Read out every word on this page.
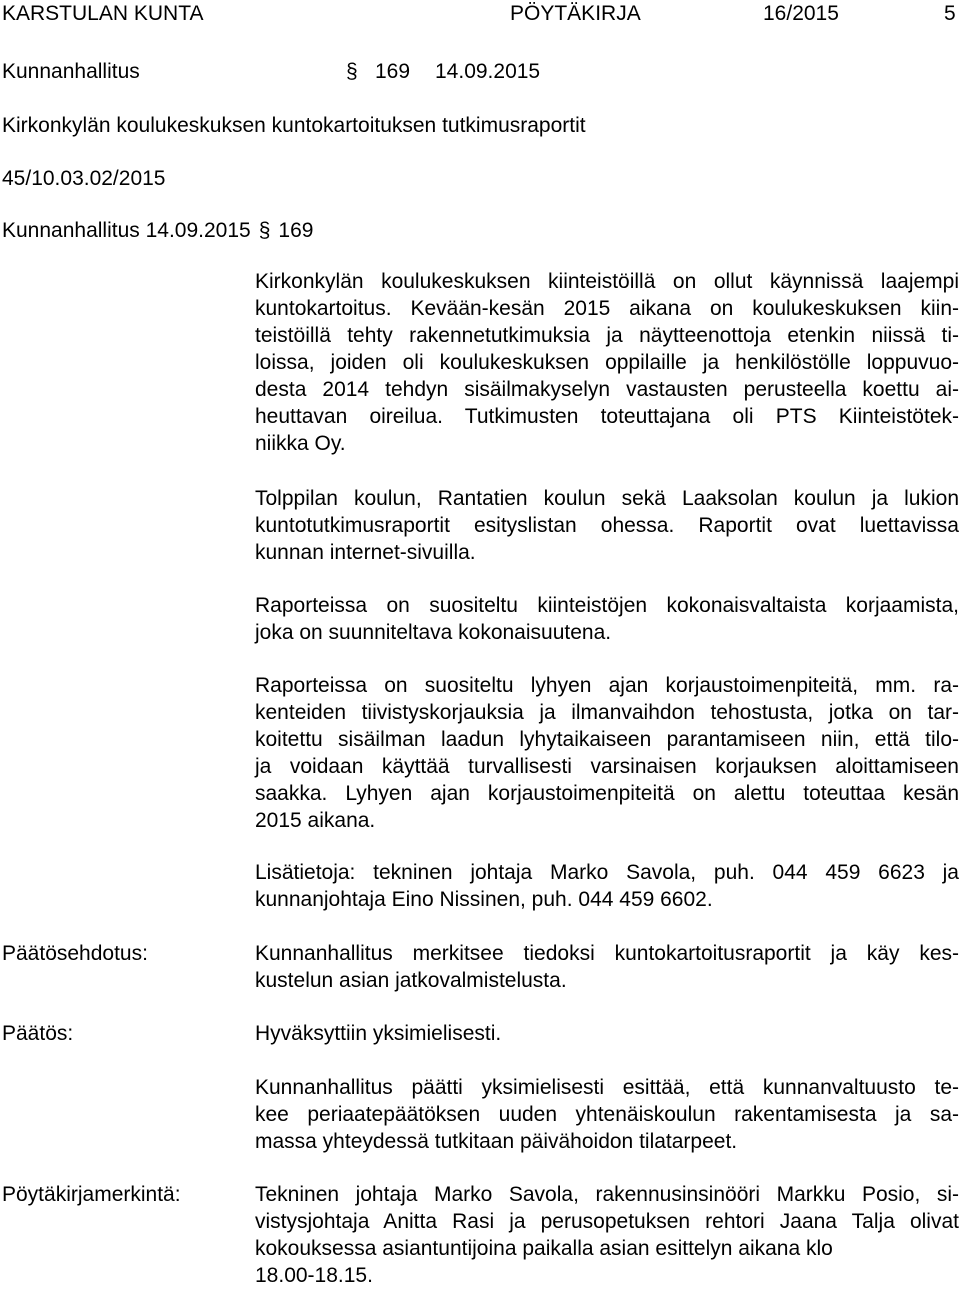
KARSTULAN KUNTA	PÖYTÄKIRJA	16/2015	5
Kunnanhallitus	§ 169 14.09.2015

Kirkonkylän koulukeskuksen kuntokartoituksen tutkimusraportit

45/10.03.02/2015

Kunnanhallitus 14.09.2015 § 169

Kirkonkylän koulukeskuksen kiinteistöillä on ollut käynnissä laajempi
kuntokartoitus. Kevään-kesän 2015 aikana on koulukeskuksen kiin-
teistöillä tehty rakennetutkimuksia ja näytteenottoja etenkin niissä ti-
loissa, joiden oli koulukeskuksen oppilaille ja henkilöstölle loppuvuo-
desta 2014 tehdyn sisäilmakyselyn vastausten perusteella koettu ai-
heuttavan oireilua. Tutkimusten toteuttajana oli PTS Kiinteistötek-
niikka Oy.
Tolppilan koulun, Rantatien koulun sekä Laaksolan koulun ja lukion
kuntotutkimusraportit esityslistan ohessa. Raportit ovat luettavissa
kunnan internet-sivuilla.
Raporteissa on suositeltu kiinteistöjen kokonaisvaltaista korjaamista,
joka on suunniteltava kokonaisuutena.
Raporteissa on suositeltu lyhyen ajan korjaustoimenpiteitä, mm. ra-
kenteiden tiivistyskorjauksia ja ilmanvaihdon tehostusta, jotka on tar-
koitettu sisäilman laadun lyhytaikaiseen parantamiseen niin, että tilo-
ja voidaan käyttää turvallisesti varsinaisen korjauksen aloittamiseen
saakka. Lyhyen ajan korjaustoimenpiteitä on alettu toteuttaa kesän
2015 aikana.
Lisätietoja: tekninen johtaja Marko Savola, puh. 044 459 6623 ja
kunnanjohtaja Eino Nissinen, puh. 044 459 6602.

Päätösehdotus:	Kunnanhallitus merkitsee tiedoksi kuntokartoitusraportit ja käy kes-
kustelun asian jatkovalmistelusta.

Päätös:	Hyväksyttiin yksimielisesti.

Kunnanhallitus päätti yksimielisesti esittää, että kunnanvaltuusto te-
kee periaatepäätöksen uuden yhtenäiskoulun rakentamisesta ja sa-
massa yhteydessä tutkitaan päivähoidon tilatarpeet.

Pöytäkirjamerkintä:	Tekninen johtaja Marko Savola, rakennusinsinööri Markku Posio, si-
vistysjohtaja Anitta Rasi ja perusopetuksen rehtori Jaana Talja olivat
kokouksessa asiantuntijoina paikalla asian esittelyn aikana klo
18.00-18.15.
